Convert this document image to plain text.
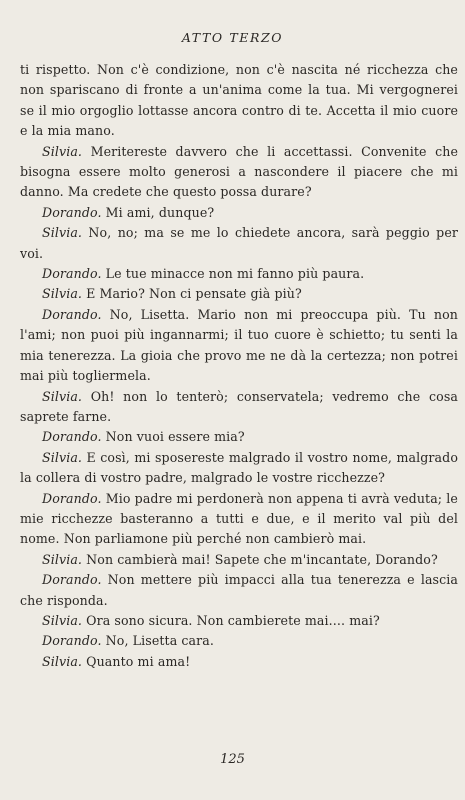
ATTO TERZO

ti rispetto. Non c'è condizione, non c'è nascita né ricchezza che non spariscano di fronte a un'anima come la tua. Mi vergognerei se il mio orgoglio lottasse ancora contro di te. Accetta il mio cuore e la mia mano.

Silvia. Meritereste davvero che li accettassi. Convenite che bisogna essere molto generosi a nascondere il piacere che mi danno. Ma credete che questo possa durare?

Dorando. Mi ami, dunque?

Silvia. No, no; ma se me lo chiedete ancora, sarà peggio per voi.

Dorando. Le tue minacce non mi fanno più paura.

Silvia. E Mario? Non ci pensate già più?

Dorando. No, Lisetta. Mario non mi preoccupa più. Tu non l'ami; non puoi più ingannarmi; il tuo cuore è schietto; tu senti la mia tenerezza. La gioia che provo me ne dà la certezza; non potrei mai più togliermela.

Silvia. Oh! non lo tenterò; conservatela; vedremo che cosa saprete farne.

Dorando. Non vuoi essere mia?

Silvia. E così, mi sposereste malgrado il vostro nome, malgrado la collera di vostro padre, malgrado le vostre ricchezze?

Dorando. Mio padre mi perdonerà non appena ti avrà veduta; le mie ricchezze basteranno a tutti e due, e il merito val più del nome. Non parliamone più perché non cambierò mai.

Silvia. Non cambierà mai! Sapete che m'incantate, Dorando?

Dorando. Non mettere più impacci alla tua tenerezza e lascia che risponda.

Silvia. Ora sono sicura. Non cambierete mai.... mai?

Dorando. No, Lisetta cara.

Silvia. Quanto mi ama!

125
